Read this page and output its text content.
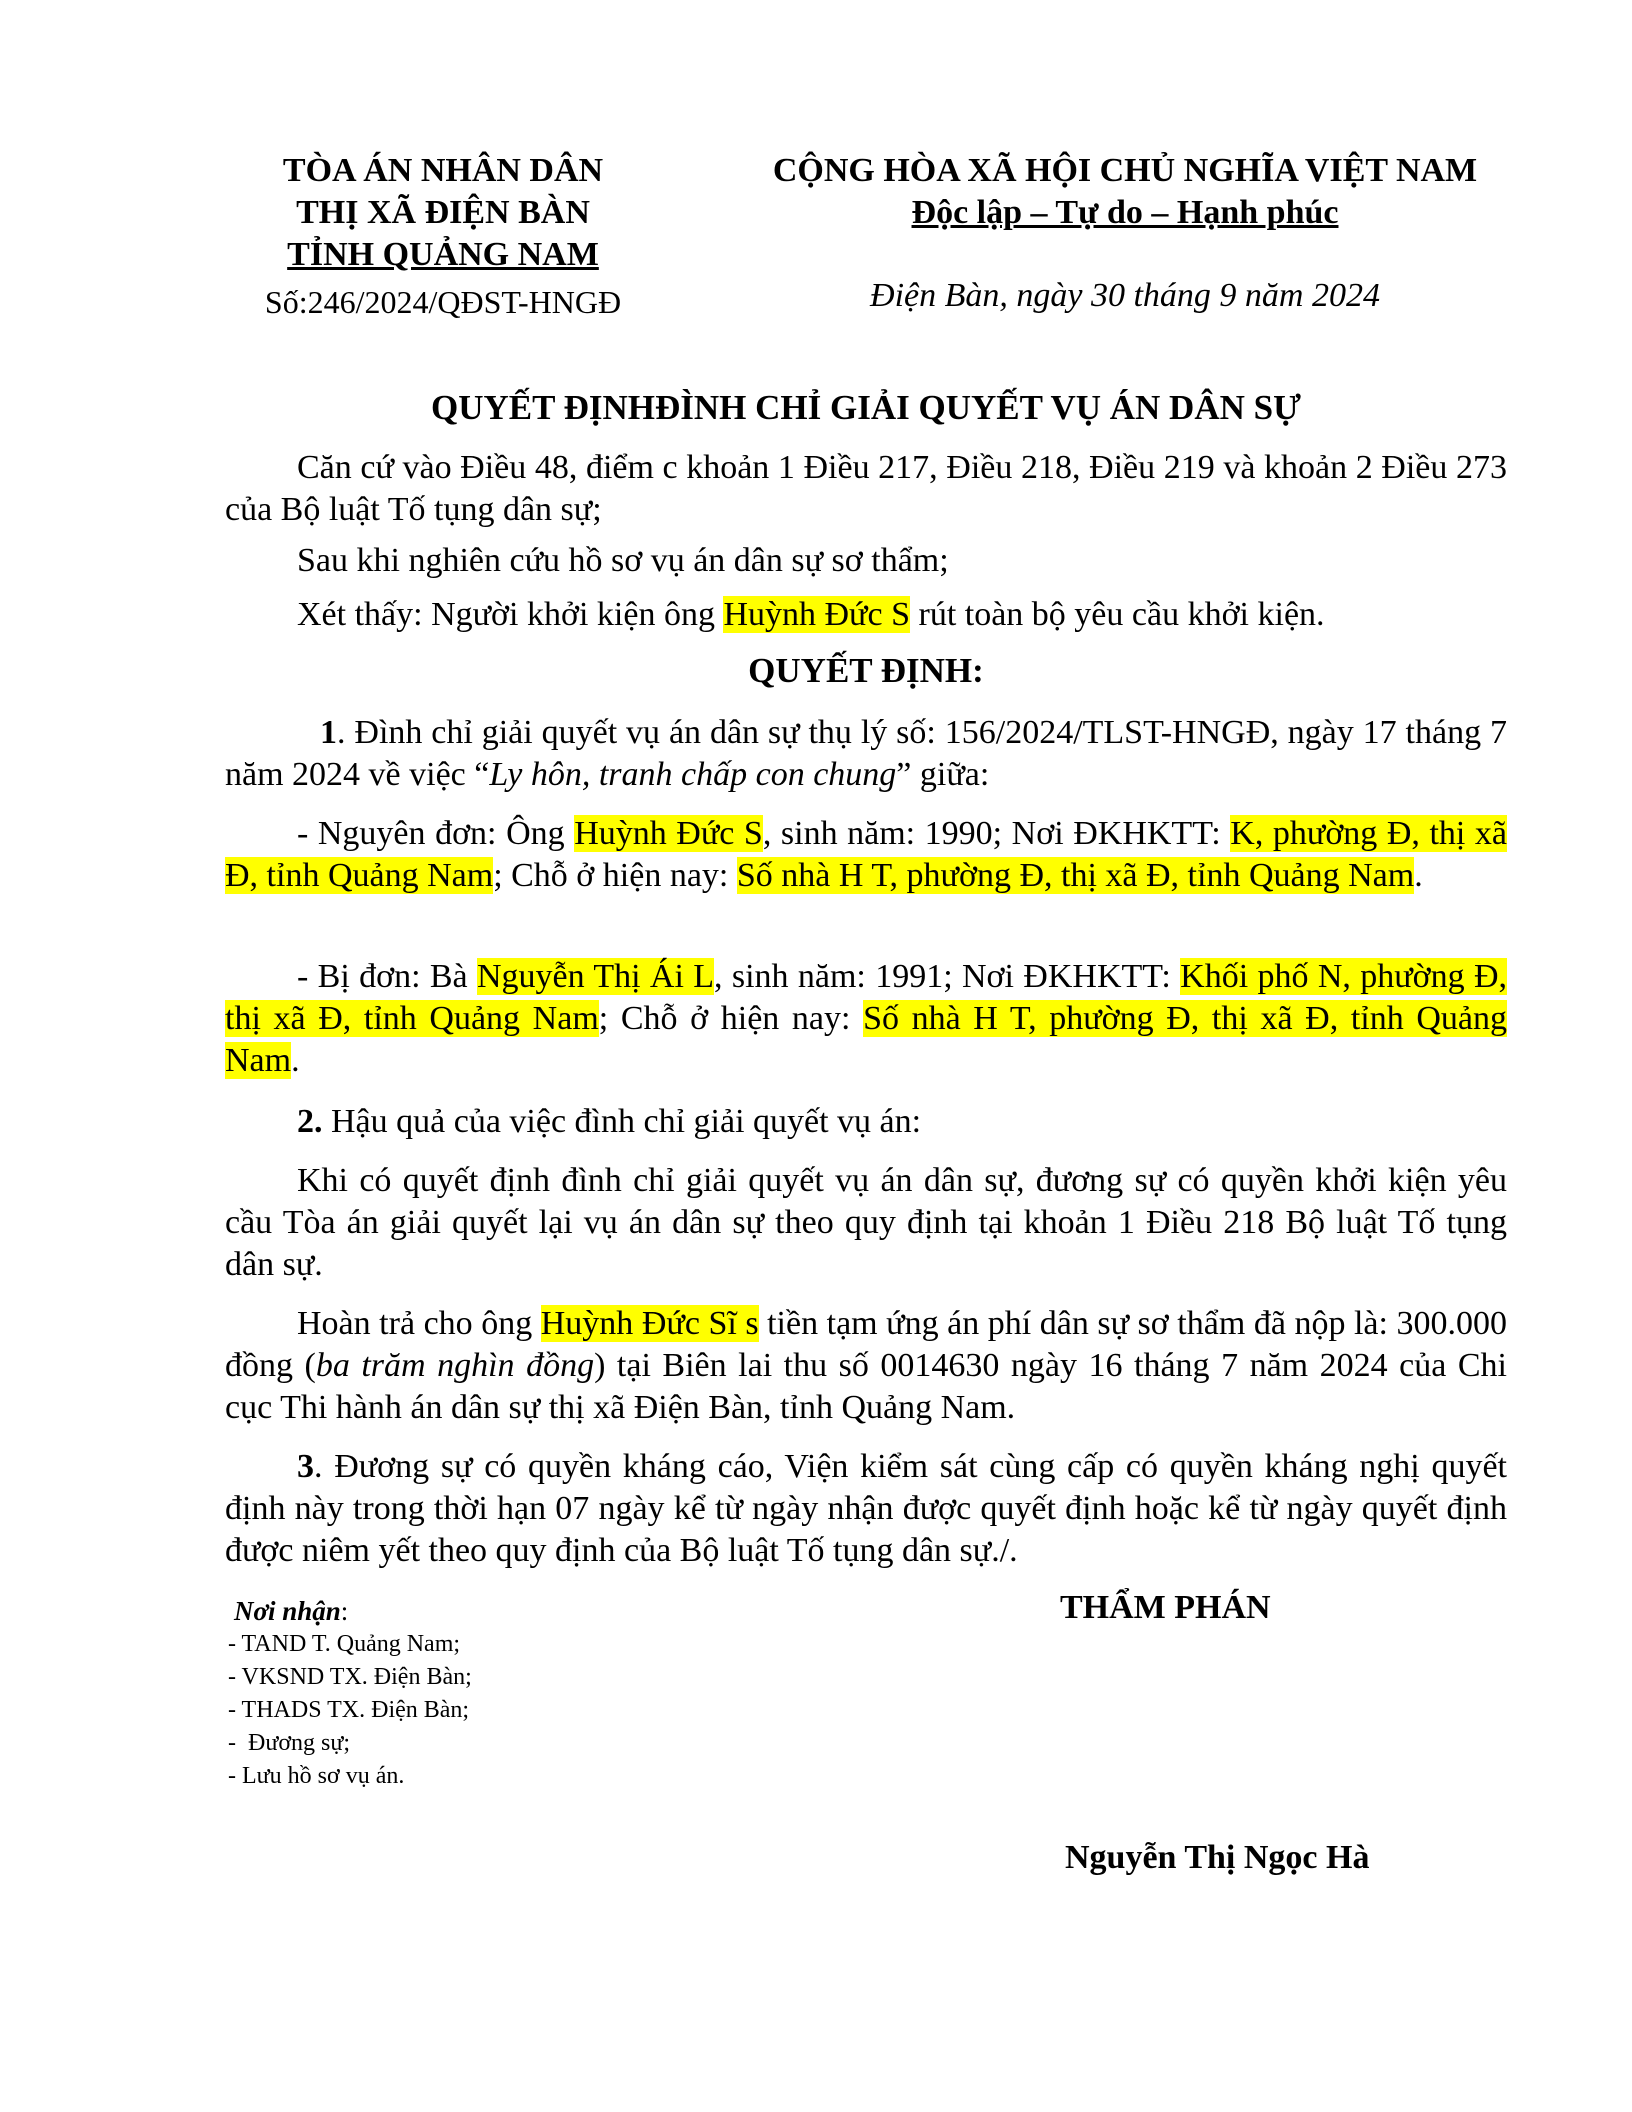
TÒA ÁN NHÂN DÂN
THỊ XÃ ĐIỆN BÀN
TỈNH QUẢNG NAM
Số:246/2024/QĐST-HNGĐ
CỘNG HÒA XÃ HỘI CHỦ NGHĨA VIỆT NAM
Độc lập – Tự do – Hạnh phúc
Điện Bàn, ngày 30 tháng 9 năm 2024
QUYẾT ĐỊNHĐÌNH CHỈ GIẢI QUYẾT VỤ ÁN DÂN SỰ
Căn cứ vào Điều 48, điểm c khoản 1 Điều 217, Điều 218, Điều 219 và khoản 2 Điều 273 của Bộ luật Tố tụng dân sự;
Sau khi nghiên cứu hồ sơ vụ án dân sự sơ thẩm;
Xét thấy: Người khởi kiện ông Huỳnh Đức S rút toàn bộ yêu cầu khởi kiện.
QUYẾT ĐỊNH:
1. Đình chỉ giải quyết vụ án dân sự thụ lý số: 156/2024/TLST-HNGĐ, ngày 17 tháng 7 năm 2024 về việc “Ly hôn, tranh chấp con chung” giữa:
- Nguyên đơn: Ông Huỳnh Đức S, sinh năm: 1990; Nơi ĐKHKTT: K, phường Đ, thị xã Đ, tỉnh Quảng Nam; Chỗ ở hiện nay: Số nhà H T, phường Đ, thị xã Đ, tỉnh Quảng Nam.
- Bị đơn: Bà Nguyễn Thị Ái L, sinh năm: 1991; Nơi ĐKHKTT: Khối phố N, phường Đ, thị xã Đ, tỉnh Quảng Nam; Chỗ ở hiện nay: Số nhà H T, phường Đ, thị xã Đ, tỉnh Quảng Nam.
2. Hậu quả của việc đình chỉ giải quyết vụ án:
Khi có quyết định đình chỉ giải quyết vụ án dân sự, đương sự có quyền khởi kiện yêu cầu Tòa án giải quyết lại vụ án dân sự theo quy định tại khoản 1 Điều 218 Bộ luật Tố tụng dân sự.
Hoàn trả cho ông Huỳnh Đức Sĩ s tiền tạm ứng án phí dân sự sơ thẩm đã nộp là: 300.000 đồng (ba trăm nghìn đồng) tại Biên lai thu số 0014630 ngày 16 tháng 7 năm 2024 của Chi cục Thi hành án dân sự thị xã Điện Bàn, tỉnh Quảng Nam.
3. Đương sự có quyền kháng cáo, Viện kiểm sát cùng cấp có quyền kháng nghị quyết định này trong thời hạn 07 ngày kể từ ngày nhận được quyết định hoặc kể từ ngày quyết định được niêm yết theo quy định của Bộ luật Tố tụng dân sự./.
Nơi nhận:
- TAND T. Quảng Nam;
- VKSND TX. Điện Bàn;
- THADS TX. Điện Bàn;
-  Đương sự;
- Lưu hồ sơ vụ án.
THẨM PHÁN
Nguyễn Thị Ngọc Hà
